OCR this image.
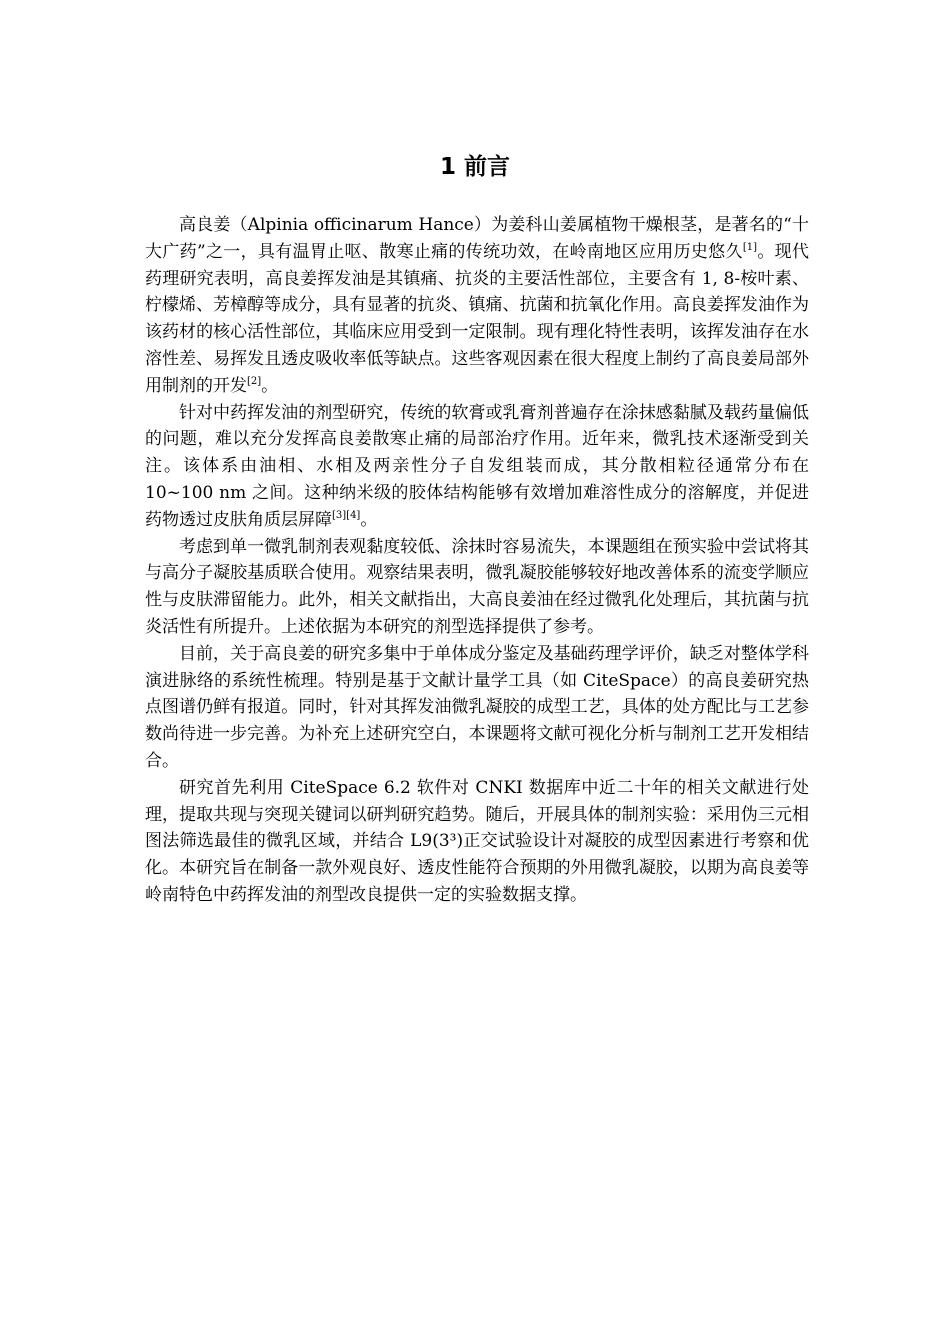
1 前言

高良姜（Alpinia officinarum Hance）为姜科山姜属植物干燥根茎，是著名的“十大广药”之一，具有温胃止呕、散寒止痛的传统功效，在岭南地区应用历史悠久[1]。现代药理研究表明，高良姜挥发油是其镇痛、抗炎的主要活性部位，主要含有 1, 8-桉叶素、柠檬烯、芳樟醇等成分，具有显著的抗炎、镇痛、抗菌和抗氧化作用。高良姜挥发油作为该药材的核心活性部位，其临床应用受到一定限制。现有理化特性表明，该挥发油存在水溶性差、易挥发且透皮吸收率低等缺点。这些客观因素在很大程度上制约了高良姜局部外用制剂的开发[2]。

针对中药挥发油的剂型研究，传统的软膏或乳膏剂普遍存在涂抹感黏腻及载药量偏低的问题，难以充分发挥高良姜散寒止痛的局部治疗作用。近年来，微乳技术逐渐受到关注。该体系由油相、水相及两亲性分子自发组装而成，其分散相粒径通常分布在 10~100 nm 之间。这种纳米级的胶体结构能够有效增加难溶性成分的溶解度，并促进药物透过皮肤角质层屏障[3][4]。

考虑到单一微乳制剂表观黏度较低、涂抹时容易流失，本课题组在预实验中尝试将其与高分子凝胶基质联合使用。观察结果表明，微乳凝胶能够较好地改善体系的流变学顺应性与皮肤滞留能力。此外，相关文献指出，大高良姜油在经过微乳化处理后，其抗菌与抗炎活性有所提升。上述依据为本研究的剂型选择提供了参考。

目前，关于高良姜的研究多集中于单体成分鉴定及基础药理学评价，缺乏对整体学科演进脉络的系统性梳理。特别是基于文献计量学工具（如 CiteSpace）的高良姜研究热点图谱仍鲜有报道。同时，针对其挥发油微乳凝胶的成型工艺，具体的处方配比与工艺参数尚待进一步完善。为补充上述研究空白，本课题将文献可视化分析与制剂工艺开发相结合。

研究首先利用 CiteSpace 6.2 软件对 CNKI 数据库中近二十年的相关文献进行处理，提取共现与突现关键词以研判研究趋势。随后，开展具体的制剂实验：采用伪三元相图法筛选最佳的微乳区域，并结合 L9(3³)正交试验设计对凝胶的成型因素进行考察和优化。本研究旨在制备一款外观良好、透皮性能符合预期的外用微乳凝胶，以期为高良姜等岭南特色中药挥发油的剂型改良提供一定的实验数据支撑。
